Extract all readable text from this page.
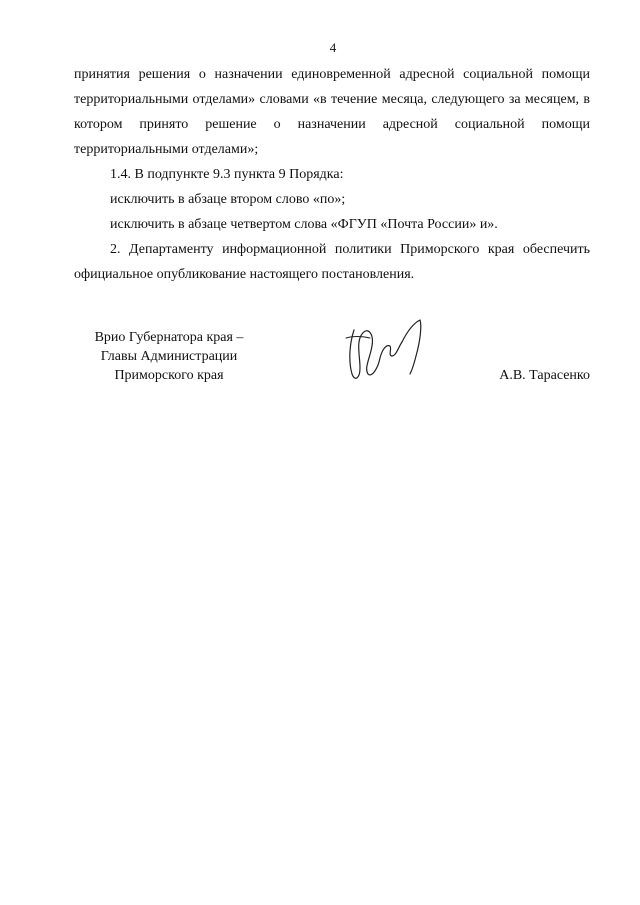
4

принятия решения о назначении единовременной адресной социальной помощи территориальными отделами» словами «в течение месяца, следующего за месяцем, в котором принято решение о назначении адресной социальной помощи территориальными отделами»;

1.4. В подпункте 9.3 пункта 9 Порядка:

исключить в абзаце втором слово «по»;

исключить в абзаце четвертом слова «ФГУП «Почта России» и».

2. Департаменту информационной политики Приморского края обеспечить официальное опубликование настоящего постановления.

Врио Губернатора края –
Главы Администрации
Приморского края	А.В. Тарасенко
